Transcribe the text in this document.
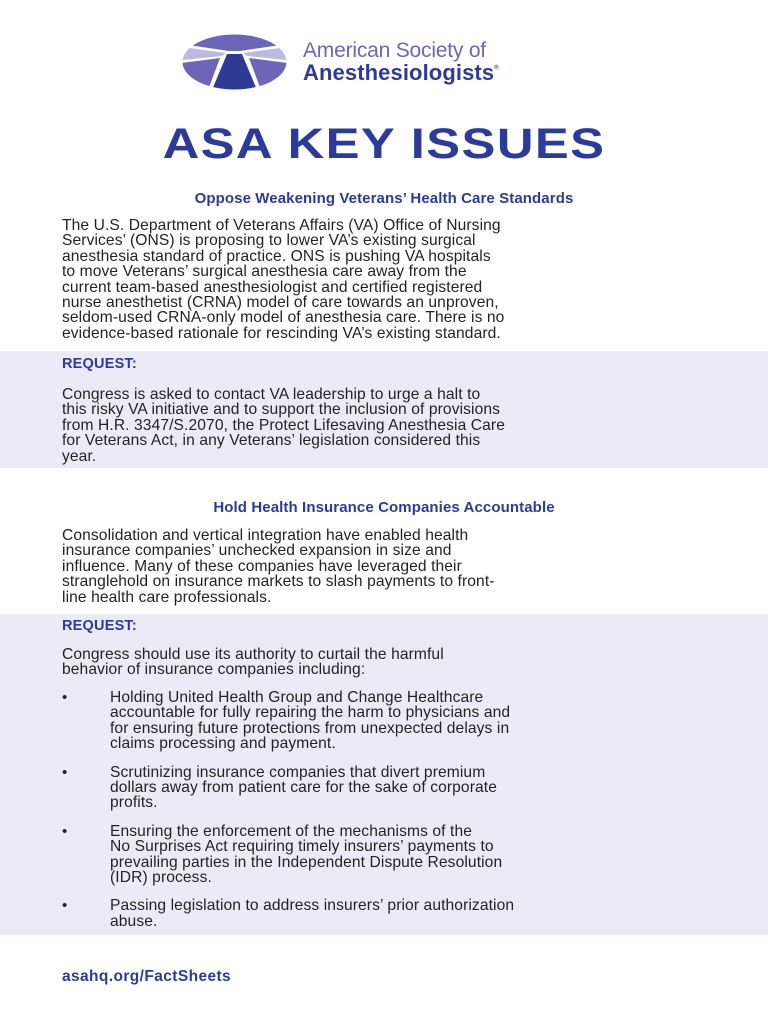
American Society of
Anesthesiologists®
ASA KEY ISSUES
Oppose Weakening Veterans’ Health Care Standards
The U.S. Department of Veterans Affairs (VA) Office of Nursing
Services’ (ONS) is proposing to lower VA’s existing surgical
anesthesia standard of practice. ONS is pushing VA hospitals
to move Veterans’ surgical anesthesia care away from the
current team-based anesthesiologist and certified registered
nurse anesthetist (CRNA) model of care towards an unproven,
seldom-used CRNA-only model of anesthesia care. There is no
evidence-based rationale for rescinding VA’s existing standard.
REQUEST:
Congress is asked to contact VA leadership to urge a halt to
this risky VA initiative and to support the inclusion of provisions
from H.R. 3347/S.2070, the Protect Lifesaving Anesthesia Care
for Veterans Act, in any Veterans’ legislation considered this
year.
Hold Health Insurance Companies Accountable
Consolidation and vertical integration have enabled health
insurance companies’ unchecked expansion in size and
influence. Many of these companies have leveraged their
stranglehold on insurance markets to slash payments to front-
line health care professionals.
REQUEST:
Congress should use its authority to curtail the harmful
behavior of insurance companies including:
•	Holding United Health Group and Change Healthcare
accountable for fully repairing the harm to physicians and
for ensuring future protections from unexpected delays in
claims processing and payment.
•	Scrutinizing insurance companies that divert premium
dollars away from patient care for the sake of corporate
profits.
•	Ensuring the enforcement of the mechanisms of the
No Surprises Act requiring timely insurers’ payments to
prevailing parties in the Independent Dispute Resolution
(IDR) process.
•	Passing legislation to address insurers’ prior authorization
abuse.
asahq.org/FactSheets
